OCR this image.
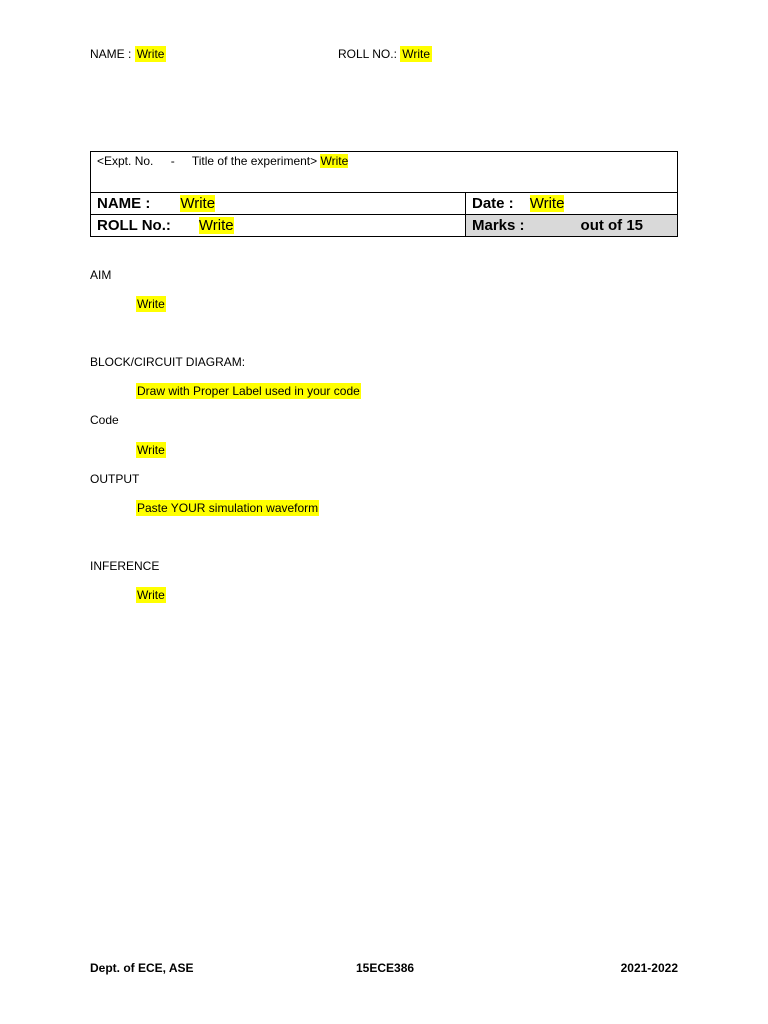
NAME : Write	ROLL NO.: Write
<Expt. No. - Title of the experiment> Write	
NAME : Write	Date : Write
ROLL No.: Write	Marks : out of 15
AIM
Write
BLOCK/CIRCUIT DIAGRAM:
Draw with Proper Label used in your code
Code
Write
OUTPUT
Paste YOUR simulation waveform
INFERENCE
Write
Dept. of ECE, ASE	15ECE386	2021-2022
